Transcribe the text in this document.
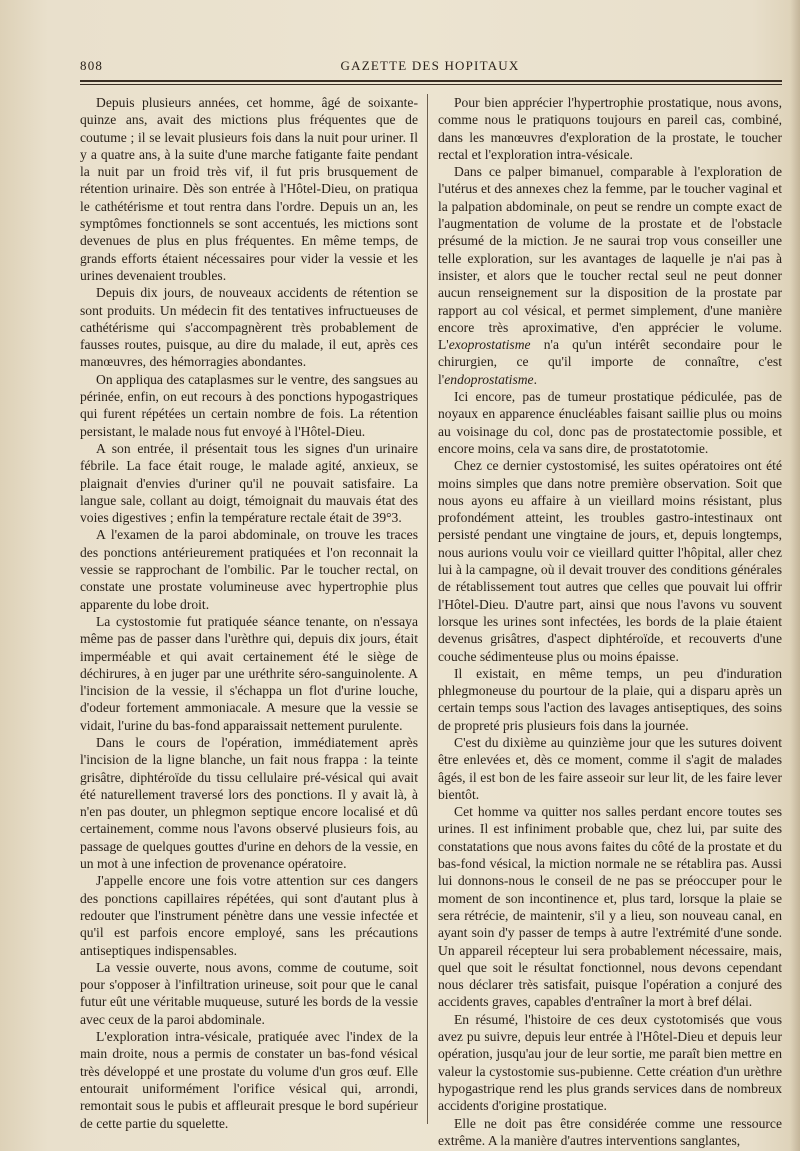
808	GAZETTE DES HOPITAUX

Depuis plusieurs années, cet homme, âgé de soixante-quinze ans, avait des mictions plus fréquentes que de coutume ; il se levait plusieurs fois dans la nuit pour uriner. Il y a quatre ans, à la suite d'une marche fatigante faite pendant la nuit par un froid très vif, il fut pris brusquement de rétention urinaire. Dès son entrée à l'Hôtel-Dieu, on pratiqua le cathétérisme et tout rentra dans l'ordre. Depuis un an, les symptômes fonctionnels se sont accentués, les mictions sont devenues de plus en plus fréquentes. En même temps, de grands efforts étaient nécessaires pour vider la vessie et les urines devenaient troubles.

Depuis dix jours, de nouveaux accidents de rétention se sont produits. Un médecin fit des tentatives infructueuses de cathétérisme qui s'accompagnèrent très probablement de fausses routes, puisque, au dire du malade, il eut, après ces manœuvres, des hémorragies abondantes.

On appliqua des cataplasmes sur le ventre, des sangsues au périnée, enfin, on eut recours à des ponctions hypogastriques qui furent répétées un certain nombre de fois. La rétention persistant, le malade nous fut envoyé à l'Hôtel-Dieu.

A son entrée, il présentait tous les signes d'un urinaire fébrile. La face était rouge, le malade agité, anxieux, se plaignait d'envies d'uriner qu'il ne pouvait satisfaire. La langue sale, collant au doigt, témoignait du mauvais état des voies digestives ; enfin la température rectale était de 39°3.

A l'examen de la paroi abdominale, on trouve les traces des ponctions antérieurement pratiquées et l'on reconnait la vessie se rapprochant de l'ombilic. Par le toucher rectal, on constate une prostate volumineuse avec hypertrophie plus apparente du lobe droit.

La cystostomie fut pratiquée séance tenante, on n'essaya même pas de passer dans l'urèthre qui, depuis dix jours, était imperméable et qui avait certainement été le siège de déchirures, à en juger par une uréthrite séro-sanguinolente. A l'incision de la vessie, il s'échappa un flot d'urine louche, d'odeur fortement ammoniacale. A mesure que la vessie se vidait, l'urine du bas-fond apparaissait nettement purulente.

Dans le cours de l'opération, immédiatement après l'incision de la ligne blanche, un fait nous frappa : la teinte grisâtre, diphtéroïde du tissu cellulaire pré-vésical qui avait été naturellement traversé lors des ponctions. Il y avait là, à n'en pas douter, un phlegmon septique encore localisé et dû certainement, comme nous l'avons observé plusieurs fois, au passage de quelques gouttes d'urine en dehors de la vessie, en un mot à une infection de provenance opératoire.

J'appelle encore une fois votre attention sur ces dangers des ponctions capillaires répétées, qui sont d'autant plus à redouter que l'instrument pénètre dans une vessie infectée et qu'il est parfois encore employé, sans les précautions antiseptiques indispensables.

La vessie ouverte, nous avons, comme de coutume, soit pour s'opposer à l'infiltration urineuse, soit pour que le canal futur eût une véritable muqueuse, suturé les bords de la vessie avec ceux de la paroi abdominale.

L'exploration intra-vésicale, pratiquée avec l'index de la main droite, nous a permis de constater un bas-fond vésical très développé et une prostate du volume d'un gros œuf. Elle entourait uniformément l'orifice vésical qui, arrondi, remontait sous le pubis et affleurait presque le bord supérieur de cette partie du squelette.

Pour bien apprécier l'hypertrophie prostatique, nous avons, comme nous le pratiquons toujours en pareil cas, combiné, dans les manœuvres d'exploration de la prostate, le toucher rectal et l'exploration intra-vésicale.

Dans ce palper bimanuel, comparable à l'exploration de l'utérus et des annexes chez la femme, par le toucher vaginal et la palpation abdominale, on peut se rendre un compte exact de l'augmentation de volume de la prostate et de l'obstacle présumé de la miction. Je ne saurai trop vous conseiller une telle exploration, sur les avantages de laquelle je n'ai pas à insister, et alors que le toucher rectal seul ne peut donner aucun renseignement sur la disposition de la prostate par rapport au col vésical, et permet simplement, d'une manière encore très aproximative, d'en apprécier le volume. L'exoprostatisme n'a qu'un intérêt secondaire pour le chirurgien, ce qu'il importe de connaître, c'est l'endoprostatisme.

Ici encore, pas de tumeur prostatique pédiculée, pas de noyaux en apparence énucléables faisant saillie plus ou moins au voisinage du col, donc pas de prostatectomie possible, et encore moins, cela va sans dire, de prostatotomie.

Chez ce dernier cystostomisé, les suites opératoires ont été moins simples que dans notre première observation. Soit que nous ayons eu affaire à un vieillard moins résistant, plus profondément atteint, les troubles gastro-intestinaux ont persisté pendant une vingtaine de jours, et, depuis longtemps, nous aurions voulu voir ce vieillard quitter l'hôpital, aller chez lui à la campagne, où il devait trouver des conditions générales de rétablissement tout autres que celles que pouvait lui offrir l'Hôtel-Dieu. D'autre part, ainsi que nous l'avons vu souvent lorsque les urines sont infectées, les bords de la plaie étaient devenus grisâtres, d'aspect diphtéroïde, et recouverts d'une couche sédimenteuse plus ou moins épaisse.

Il existait, en même temps, un peu d'induration phlegmoneuse du pourtour de la plaie, qui a disparu après un certain temps sous l'action des lavages antiseptiques, des soins de propreté pris plusieurs fois dans la journée.

C'est du dixième au quinzième jour que les sutures doivent être enlevées et, dès ce moment, comme il s'agit de malades âgés, il est bon de les faire asseoir sur leur lit, de les faire lever bientôt.

Cet homme va quitter nos salles perdant encore toutes ses urines. Il est infiniment probable que, chez lui, par suite des constatations que nous avons faites du côté de la prostate et du bas-fond vésical, la miction normale ne se rétablira pas. Aussi lui donnons-nous le conseil de ne pas se préoccuper pour le moment de son incontinence et, plus tard, lorsque la plaie se sera rétrécie, de maintenir, s'il y a lieu, son nouveau canal, en ayant soin d'y passer de temps à autre l'extrémité d'une sonde. Un appareil récepteur lui sera probablement nécessaire, mais, quel que soit le résultat fonctionnel, nous devons cependant nous déclarer très satisfait, puisque l'opération a conjuré des accidents graves, capables d'entraîner la mort à bref délai.

En résumé, l'histoire de ces deux cystotomisés que vous avez pu suivre, depuis leur entrée à l'Hôtel-Dieu et depuis leur opération, jusqu'au jour de leur sortie, me paraît bien mettre en valeur la cystostomie sus-pubienne. Cette création d'un urèthre hypogastrique rend les plus grands services dans de nombreux accidents d'origine prostatique.

Elle ne doit pas être considérée comme une ressource extrême. A la manière d'autres interventions sanglantes,
